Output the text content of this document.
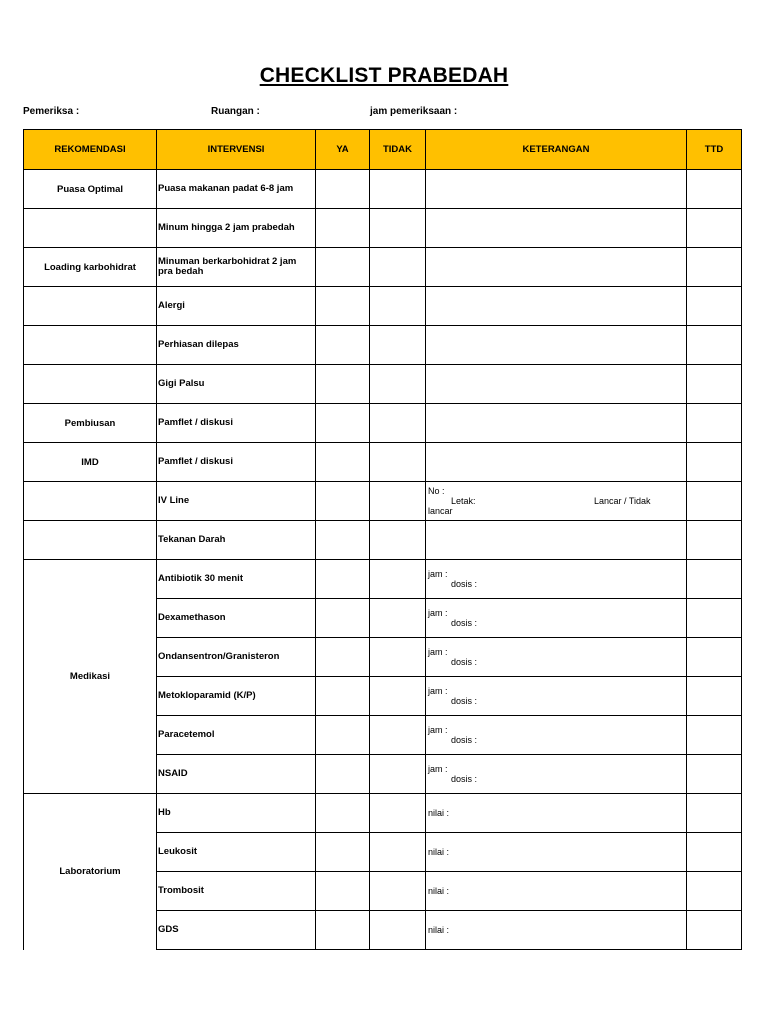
CHECKLIST PRABEDAH
Pemeriksa :	Ruangan :	jam pemeriksaan :
REKOMENDASI	INTERVENSI	YA	TIDAK	KETERANGAN	TTD
Puasa Optimal	Puasa makanan padat 6-8 jam				
	Minum hingga 2 jam prabedah				
Loading karbohidrat	Minuman berkarbohidrat 2 jam pra bedah				
	Alergi				
	Perhiasan dilepas				
	Gigi Palsu				
Pembiusan	Pamflet / diskusi				
IMD	Pamflet / diskusi				
	IV Line			No :
Letak: Lancar / Tidak
lancar	

	Tekanan Darah				
Medikasi	Antibiotik 30 menit			jam :
dosis :	

	Dexamethason			jam :
dosis :	

	Ondansentron/Granisteron			jam :
dosis :	

	Metokloparamid (K/P)			jam :
dosis :	

	Paracetemol			jam :
dosis :	

	NSAID			jam :
dosis :	

Laboratorium	Hb			nilai :	
	Leukosit			nilai :	
	Trombosit			nilai :	
	GDS			nilai :	
